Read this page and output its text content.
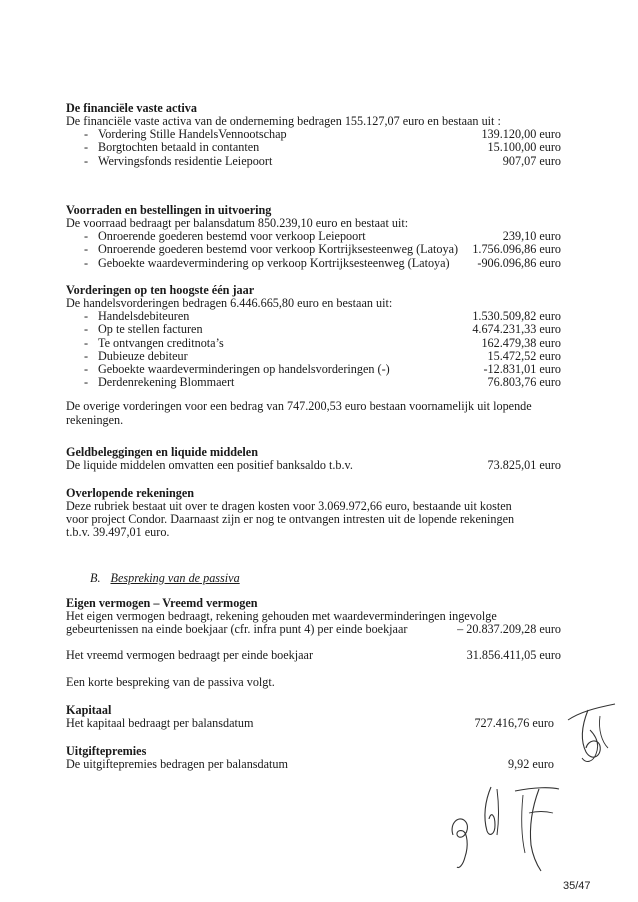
De financiële vaste activa
De financiële vaste activa van de onderneming bedragen 155.127,07 euro en bestaan uit :
- Vordering Stille HandelsVennootschap	139.120,00 euro
- Borgtochten betaald in contanten	15.100,00 euro
- Wervingsfonds residentie Leiepoort	907,07 euro
Voorraden en bestellingen in uitvoering
De voorraad bedraagt per balansdatum 850.239,10 euro en bestaat uit:
- Onroerende goederen bestemd voor verkoop Leiepoort	239,10 euro
- Onroerende goederen bestemd voor verkoop Kortrijksesteenweg (Latoya) 1.756.096,86 euro
- Geboekte waardevermindering op verkoop Kortrijksesteenweg (Latoya) -906.096,86 euro
Vorderingen op ten hoogste één jaar
De handelsvorderingen bedragen 6.446.665,80 euro en bestaan uit:
- Handelsdebiteuren	1.530.509,82 euro
- Op te stellen facturen	4.674.231,33 euro
- Te ontvangen creditnota’s	162.479,38 euro
- Dubieuze debiteur	15.472,52 euro
- Geboekte waardeverminderingen op handelsvorderingen (-)	-12.831,01 euro
- Derdenrekening Blommaert	76.803,76 euro
De overige vorderingen voor een bedrag van 747.200,53 euro bestaan voornamelijk uit lopende rekeningen.
Geldbeleggingen en liquide middelen
De liquide middelen omvatten een positief banksaldo t.b.v.	73.825,01 euro
Overlopende rekeningen
Deze rubriek bestaat uit over te dragen kosten voor 3.069.972,66 euro, bestaande uit kosten voor project Condor. Daarnaast zijn er nog te ontvangen intresten uit de lopende rekeningen t.b.v. 39.497,01 euro.
B. Bespreking van de passiva
Eigen vermogen – Vreemd vermogen
Het eigen vermogen bedraagt, rekening gehouden met waardeverminderingen ingevolge
gebeurtenissen na einde boekjaar (cfr. infra punt 4) per einde boekjaar	– 20.837.209,28 euro
Het vreemd vermogen bedraagt per einde boekjaar	31.856.411,05 euro
Een korte bespreking van de passiva volgt.
Kapitaal
Het kapitaal bedraagt per balansdatum	727.416,76 euro
Uitgiftepremies
De uitgiftepremies bedragen per balansdatum	9,92 euro
35/47
